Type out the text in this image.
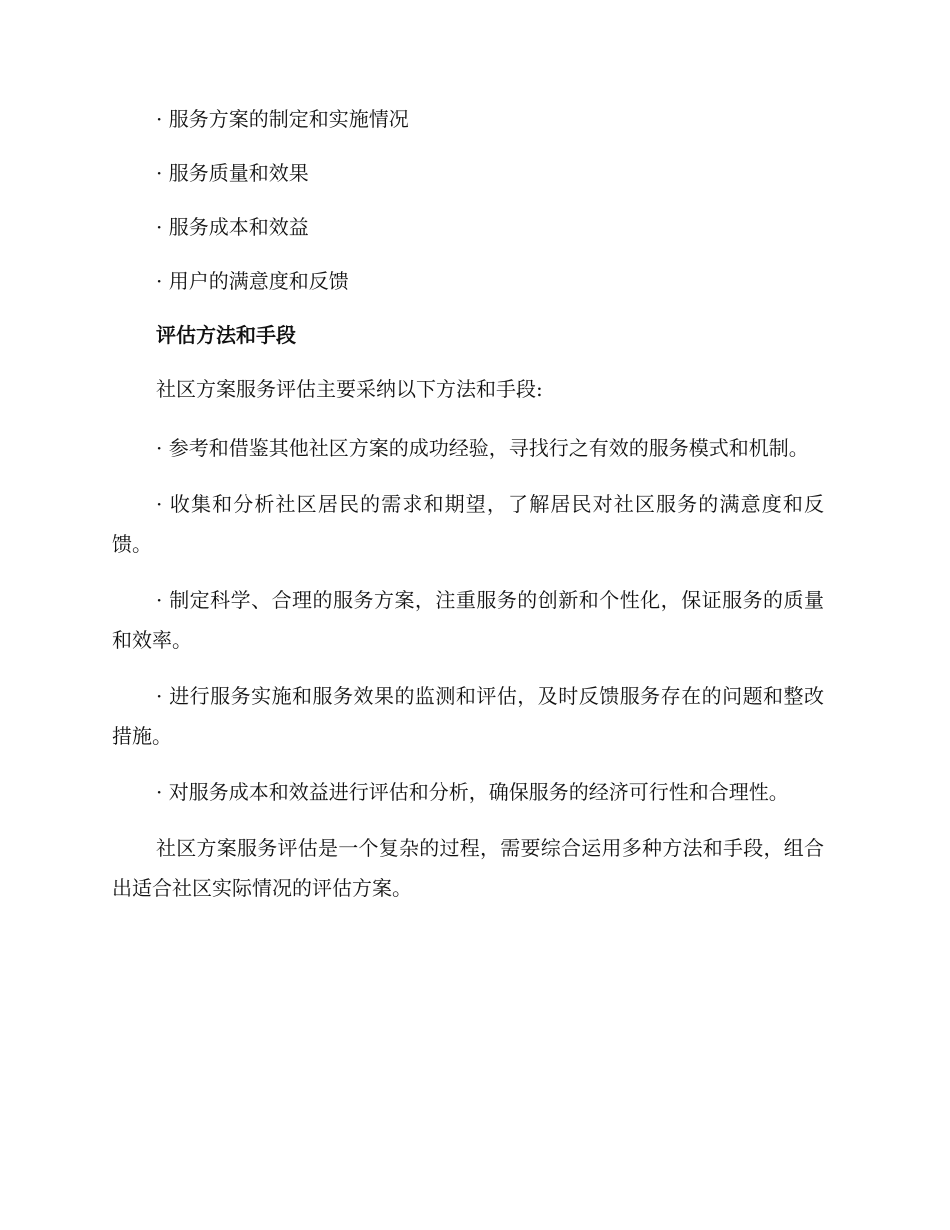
· 服务方案的制定和实施情况

· 服务质量和效果

· 服务成本和效益

· 用户的满意度和反馈

评估方法和手段

社区方案服务评估主要采纳以下方法和手段:

· 参考和借鉴其他社区方案的成功经验，寻找行之有效的服务模式和机制。

· 收集和分析社区居民的需求和期望，了解居民对社区服务的满意度和反馈。

· 制定科学、合理的服务方案，注重服务的创新和个性化，保证服务的质量和效率。

· 进行服务实施和服务效果的监测和评估，及时反馈服务存在的问题和整改措施。

· 对服务成本和效益进行评估和分析，确保服务的经济可行性和合理性。

社区方案服务评估是一个复杂的过程，需要综合运用多种方法和手段，组合出适合社区实际情况的评估方案。
